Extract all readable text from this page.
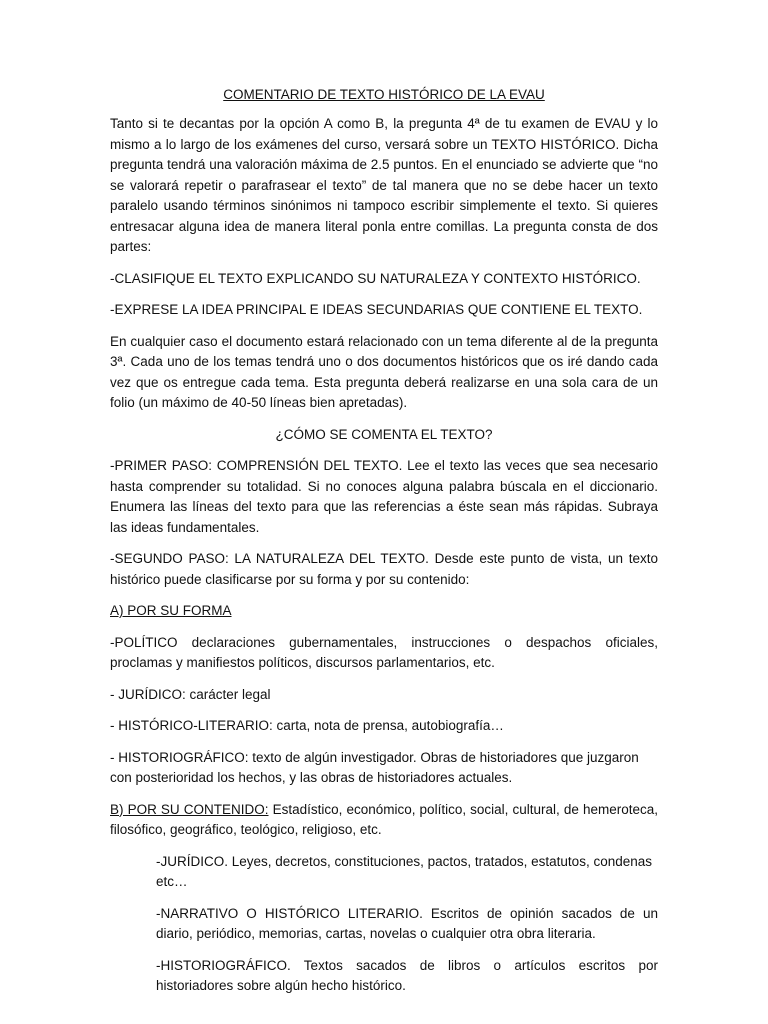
COMENTARIO DE TEXTO HISTÓRICO DE LA EVAU

Tanto si te decantas por la opción A como B, la pregunta 4ª de tu examen de EVAU y lo mismo a lo largo de los exámenes del curso, versará sobre un TEXTO HISTÓRICO. Dicha pregunta tendrá una valoración máxima de 2.5 puntos. En el enunciado se advierte que “no se valorará repetir o parafrasear el texto” de tal manera que no se debe hacer un texto paralelo usando términos sinónimos ni tampoco escribir simplemente el texto. Si quieres entresacar alguna idea de manera literal ponla entre comillas. La pregunta consta de dos partes:

-CLASIFIQUE EL TEXTO EXPLICANDO SU NATURALEZA Y CONTEXTO HISTÓRICO.

-EXPRESE LA IDEA PRINCIPAL E IDEAS SECUNDARIAS QUE CONTIENE EL TEXTO.

En cualquier caso el documento estará relacionado con un tema diferente al de la pregunta 3ª. Cada uno de los temas tendrá uno o dos documentos históricos que os iré dando cada vez que os entregue cada tema. Esta pregunta deberá realizarse en una sola cara de un folio (un máximo de 40-50 líneas bien apretadas).

¿CÓMO SE COMENTA EL TEXTO?

-PRIMER PASO: COMPRENSIÓN DEL TEXTO. Lee el texto las veces que sea necesario hasta comprender su totalidad. Si no conoces alguna palabra búscala en el diccionario. Enumera las líneas del texto para que las referencias a éste sean más rápidas. Subraya las ideas fundamentales.

-SEGUNDO PASO: LA NATURALEZA DEL TEXTO. Desde este punto de vista, un texto histórico puede clasificarse por su forma y por su contenido:

A) POR SU FORMA

-POLÍTICO declaraciones gubernamentales, instrucciones o despachos oficiales, proclamas y manifiestos políticos, discursos parlamentarios, etc.

- JURÍDICO: carácter legal

- HISTÓRICO-LITERARIO: carta, nota de prensa, autobiografía…

- HISTORIOGRÁFICO: texto de algún investigador. Obras de historiadores que juzgaron con posterioridad los hechos, y las obras de historiadores actuales.

B) POR SU CONTENIDO: Estadístico, económico, político, social, cultural, de hemeroteca, filosófico, geográfico, teológico, religioso, etc.

-JURÍDICO. Leyes, decretos, constituciones, pactos, tratados, estatutos, condenas etc…

-NARRATIVO O HISTÓRICO LITERARIO. Escritos de opinión sacados de un diario, periódico, memorias, cartas, novelas o cualquier otra obra literaria.

-HISTORIOGRÁFICO. Textos sacados de libros o artículos escritos por historiadores sobre algún hecho histórico.
